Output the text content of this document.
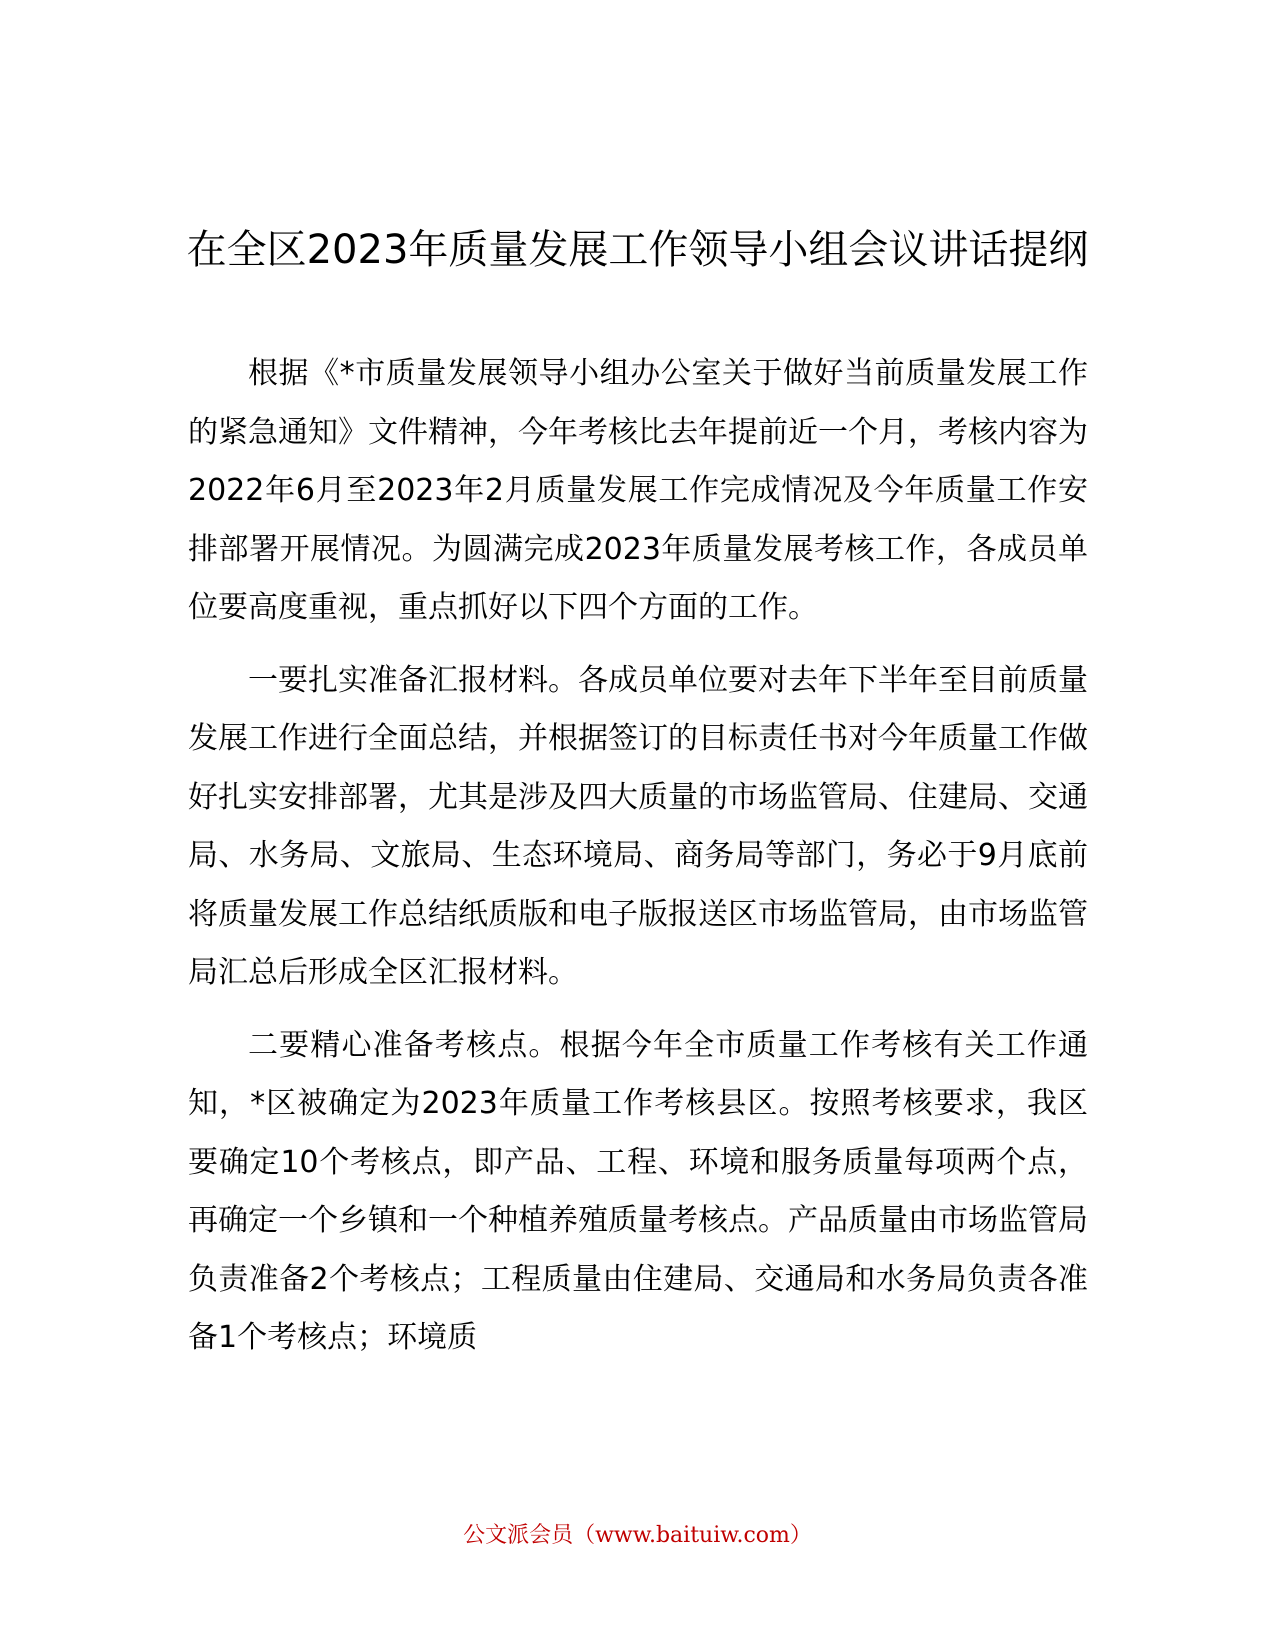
在全区2023年质量发展工作领导小组会议讲话提纲

根据《*市质量发展领导小组办公室关于做好当前质量发展工作的紧急通知》文件精神，今年考核比去年提前近一个月，考核内容为2022年6月至2023年2月质量发展工作完成情况及今年质量工作安排部署开展情况。为圆满完成2023年质量发展考核工作，各成员单位要高度重视，重点抓好以下四个方面的工作。

一要扎实准备汇报材料。各成员单位要对去年下半年至目前质量发展工作进行全面总结，并根据签订的目标责任书对今年质量工作做好扎实安排部署，尤其是涉及四大质量的市场监管局、住建局、交通局、水务局、文旅局、生态环境局、商务局等部门，务必于9月底前将质量发展工作总结纸质版和电子版报送区市场监管局，由市场监管局汇总后形成全区汇报材料。

二要精心准备考核点。根据今年全市质量工作考核有关工作通知，*区被确定为2023年质量工作考核县区。按照考核要求，我区要确定10个考核点，即产品、工程、环境和服务质量每项两个点，再确定一个乡镇和一个种植养殖质量考核点。产品质量由市场监管局负责准备2个考核点；工程质量由住建局、交通局和水务局负责各准备1个考核点；环境质

公文派会员（www.baituiw.com）
